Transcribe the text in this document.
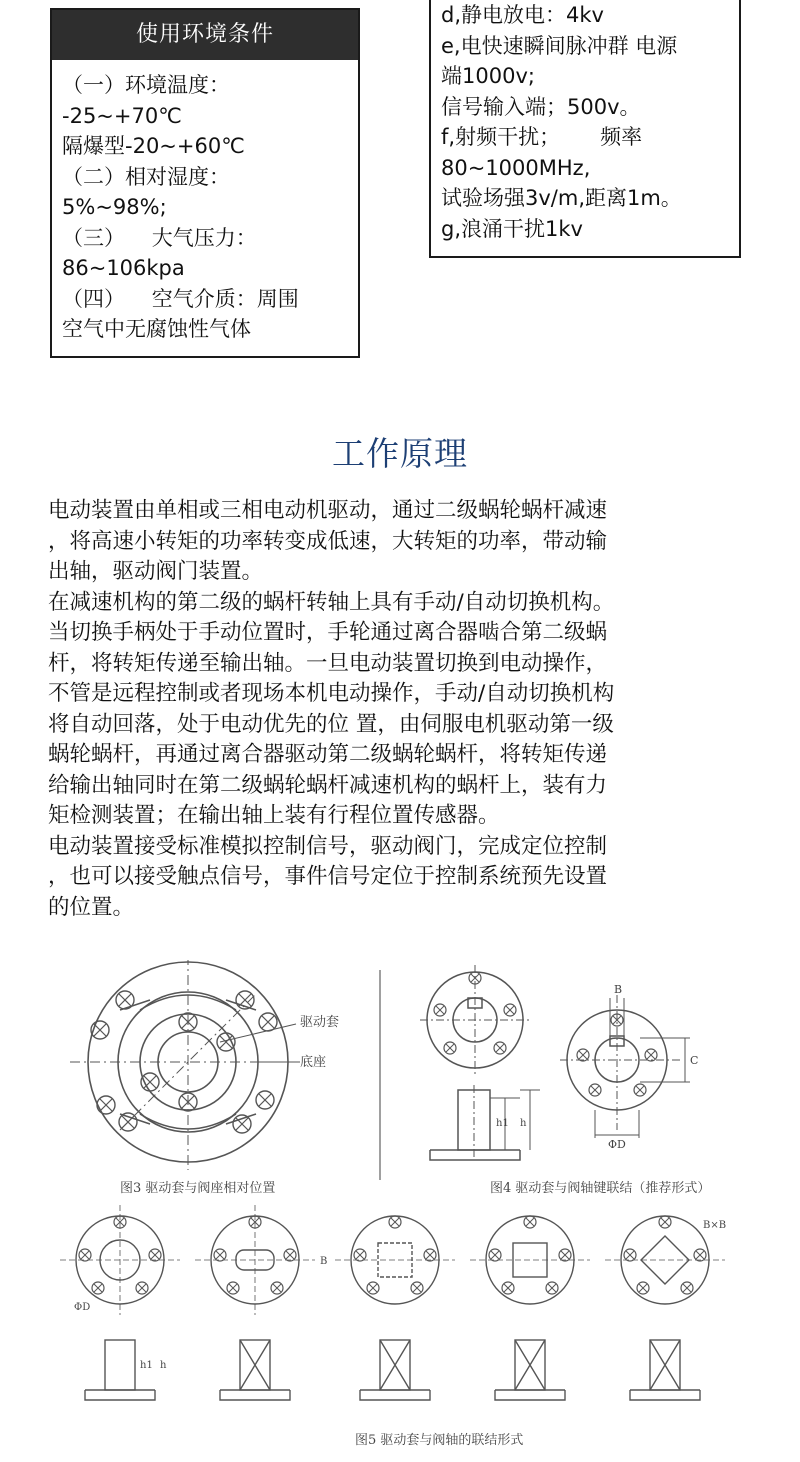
使用环境条件
（一）环境温度：
-25~+70℃
隔爆型-20~+60℃
（二）相对湿度：
5%~98%;
（三）    大气压力：
86~106kpa
（四）    空气介质：周围
空气中无腐蚀性气体
d,静电放电：4kv
e,电快速瞬间脉冲群 电源
端1000v;
信号输入端；500v。
f,射频干扰；      频率
80~1000MHz,
试验场强3v/m,距离1m。
g,浪涌干扰1kv
工作原理
电动装置由单相或三相电动机驱动，通过二级蜗轮蜗杆减速
，将高速小转矩的功率转变成低速，大转矩的功率，带动输
出轴，驱动阀门装置。
在减速机构的第二级的蜗杆转轴上具有手动/自动切换机构。
当切换手柄处于手动位置时，手轮通过离合器啮合第二级蜗
杆，将转矩传递至输出轴。一旦电动装置切换到电动操作，
不管是远程控制或者现场本机电动操作，手动/自动切换机构
将自动回落，处于电动优先的位 置，由伺服电机驱动第一级
蜗轮蜗杆，再通过离合器驱动第二级蜗轮蜗杆，将转矩传递
给输出轴同时在第二级蜗轮蜗杆减速机构的蜗杆上，装有力
矩检测装置；在输出轴上装有行程位置传感器。
电动装置接受标准模拟控制信号，驱动阀门，完成定位控制
，也可以接受触点信号，事件信号定位于控制系统预先设置
的位置。
驱动套
底座
图3 驱动套与阀座相对位置
B
C
ΦD
h1 h
图4 驱动套与阀轴键联结（推荐形式）
ΦD
B
B×B
h1 h
图5 驱动套与阀轴的联结形式
